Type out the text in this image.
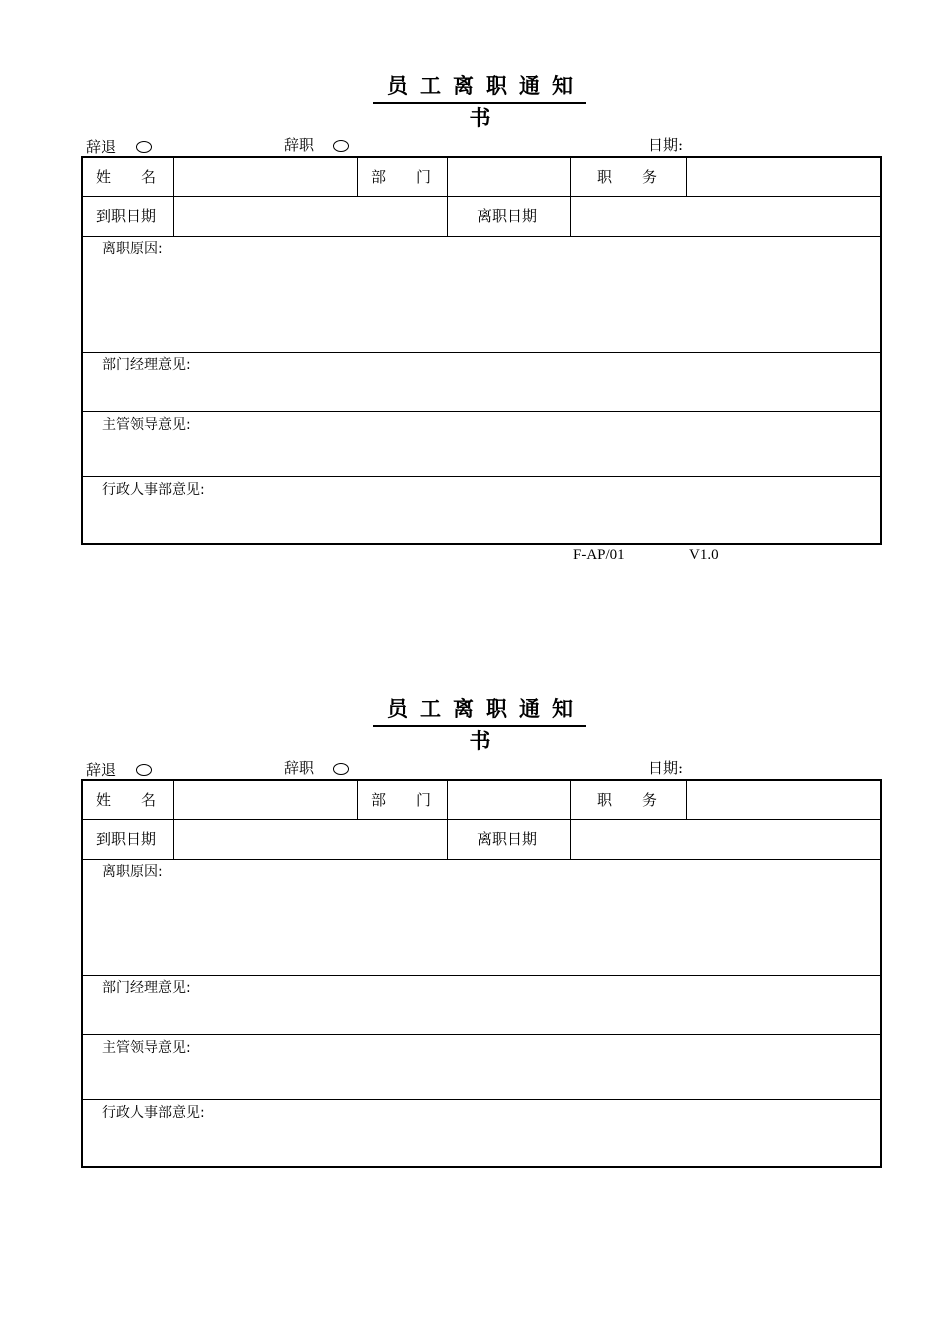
员工离职通知书
辞退	辞职	日期:
姓　　名	部　　门	职　　务
到职日期	离职日期
离职原因:
部门经理意见:
主管领导意见:
行政人事部意见:
F-AP/01	V1.0
员工离职通知书
辞退	辞职	日期:
姓　　名	部　　门	职　　务
到职日期	离职日期
离职原因:
部门经理意见:
主管领导意见:
行政人事部意见:
